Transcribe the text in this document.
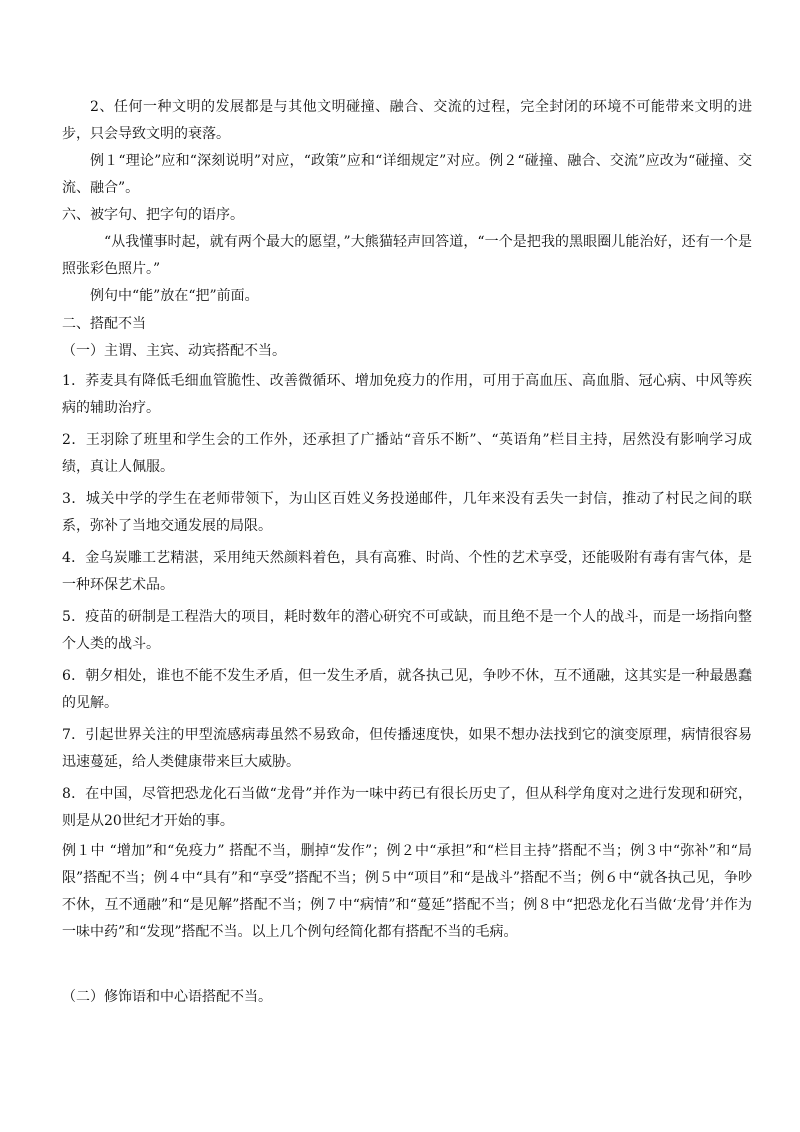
2、任何一种文明的发展都是与其他文明碰撞、融合、交流的过程，完全封闭的环境不可能带来文明的进步，只会导致文明的衰落。

例１“理论”应和“深刻说明”对应，“政策”应和“详细规定”对应。例２“碰撞、融合、交流”应改为“碰撞、交流、融合”。

六、被字句、把字句的语序。

“从我懂事时起，就有两个最大的愿望，”大熊猫轻声回答道，“一个是把我的黑眼圈儿能治好，还有一个是照张彩色照片。”

例句中“能”放在“把”前面。

二、搭配不当

（一）主谓、主宾、动宾搭配不当。

1．荞麦具有降低毛细血管脆性、改善微循环、增加免疫力的作用，可用于高血压、高血脂、冠心病、中风等疾病的辅助治疗。

2．王羽除了班里和学生会的工作外，还承担了广播站“音乐不断”、“英语角”栏目主持，居然没有影响学习成绩，真让人佩服。

3．城关中学的学生在老师带领下，为山区百姓义务投递邮件，几年来没有丢失一封信，推动了村民之间的联系，弥补了当地交通发展的局限。

4．金乌炭雕工艺精湛，采用纯天然颜料着色，具有高雅、时尚、个性的艺术享受，还能吸附有毒有害气体，是一种环保艺术品。

5．疫苗的研制是工程浩大的项目，耗时数年的潜心研究不可或缺，而且绝不是一个人的战斗，而是一场指向整个人类的战斗。

6．朝夕相处，谁也不能不发生矛盾，但一发生矛盾，就各执己见，争吵不休，互不通融，这其实是一种最愚蠢的见解。

7．引起世界关注的甲型流感病毒虽然不易致命，但传播速度快，如果不想办法找到它的演变原理，病情很容易迅速蔓延，给人类健康带来巨大威胁。

8．在中国，尽管把恐龙化石当做“龙骨”并作为一味中药已有很长历史了，但从科学角度对之进行发现和研究，则是从20世纪才开始的事。

例１中 “增加”和“免疫力” 搭配不当，删掉“发作”；例２中“承担”和“栏目主持”搭配不当；例３中“弥补”和“局限”搭配不当；例４中“具有”和“享受”搭配不当；例５中“项目”和“是战斗”搭配不当；例６中“就各执己见，争吵不休，互不通融”和“是见解”搭配不当；例７中“病情”和“蔓延”搭配不当；例８中“把恐龙化石当做‘龙骨’并作为一味中药”和“发现”搭配不当。以上几个例句经简化都有搭配不当的毛病。

（二）修饰语和中心语搭配不当。
